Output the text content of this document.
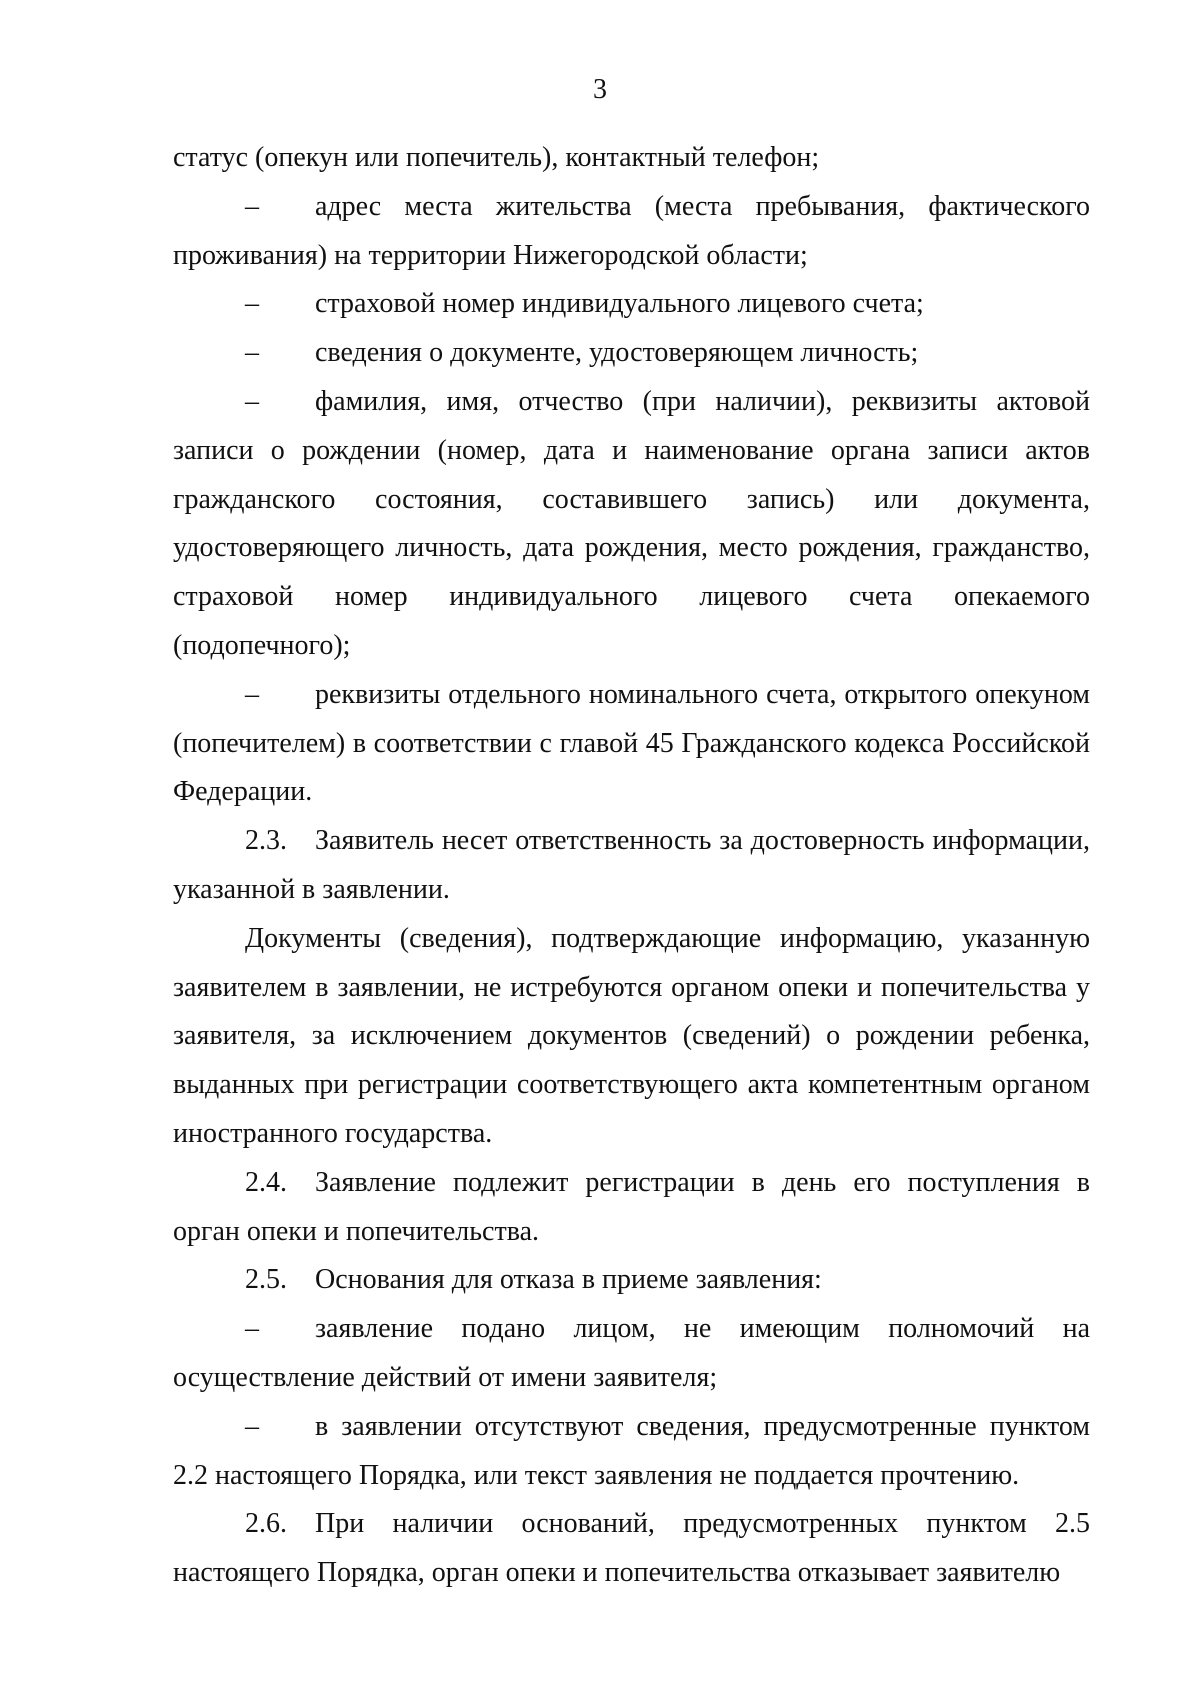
3

статус (опекун или попечитель), контактный телефон;

– адрес места жительства (места пребывания, фактического проживания) на территории Нижегородской области;

– страховой номер индивидуального лицевого счета;

– сведения о документе, удостоверяющем личность;

– фамилия, имя, отчество (при наличии), реквизиты актовой записи о рождении (номер, дата и наименование органа записи актов гражданского состояния, составившего запись) или документа, удостоверяющего личность, дата рождения, место рождения, гражданство, страховой номер индивидуального лицевого счета опекаемого (подопечного);

– реквизиты отдельного номинального счета, открытого опекуном (попечителем) в соответствии с главой 45 Гражданского кодекса Российской Федерации.

2.3. Заявитель несет ответственность за достоверность информации, указанной в заявлении.

Документы (сведения), подтверждающие информацию, указанную заявителем в заявлении, не истребуются органом опеки и попечительства у заявителя, за исключением документов (сведений) о рождении ребенка, выданных при регистрации соответствующего акта компетентным органом иностранного государства.

2.4. Заявление подлежит регистрации в день его поступления в орган опеки и попечительства.

2.5. Основания для отказа в приеме заявления:

– заявление подано лицом, не имеющим полномочий на осуществление действий от имени заявителя;

– в заявлении отсутствуют сведения, предусмотренные пунктом 2.2 настоящего Порядка, или текст заявления не поддается прочтению.

2.6. При наличии оснований, предусмотренных пунктом 2.5 настоящего Порядка, орган опеки и попечительства отказывает заявителю
